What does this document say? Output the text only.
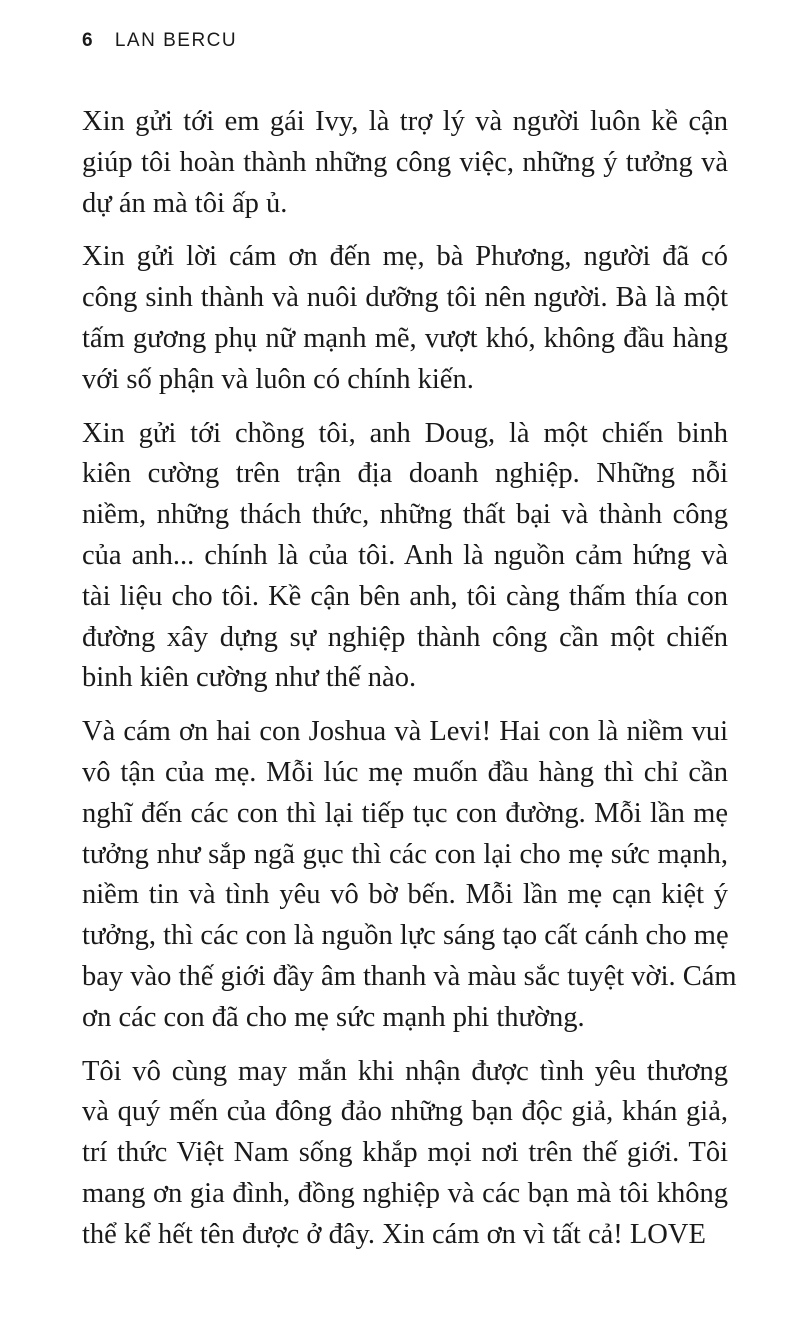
6 LAN BERCU

Xin gửi tới em gái Ivy, là trợ lý và người luôn kề cận
giúp tôi hoàn thành những công việc, những ý tưởng và
dự án mà tôi ấp ủ.

Xin gửi lời cám ơn đến mẹ, bà Phương, người đã có
công sinh thành và nuôi dưỡng tôi nên người. Bà là một
tấm gương phụ nữ mạnh mẽ, vượt khó, không đầu hàng
với số phận và luôn có chính kiến.

Xin gửi tới chồng tôi, anh Doug, là một chiến binh
kiên cường trên trận địa doanh nghiệp. Những nỗi
niềm, những thách thức, những thất bại và thành công
của anh... chính là của tôi. Anh là nguồn cảm hứng và
tài liệu cho tôi. Kề cận bên anh, tôi càng thấm thía con
đường xây dựng sự nghiệp thành công cần một chiến
binh kiên cường như thế nào.

Và cám ơn hai con Joshua và Levi! Hai con là niềm vui
vô tận của mẹ. Mỗi lúc mẹ muốn đầu hàng thì chỉ cần
nghĩ đến các con thì lại tiếp tục con đường. Mỗi lần mẹ
tưởng như sắp ngã gục thì các con lại cho mẹ sức mạnh,
niềm tin và tình yêu vô bờ bến. Mỗi lần mẹ cạn kiệt ý
tưởng, thì các con là nguồn lực sáng tạo cất cánh cho mẹ
bay vào thế giới đầy âm thanh và màu sắc tuyệt vời. Cám
ơn các con đã cho mẹ sức mạnh phi thường.

Tôi vô cùng may mắn khi nhận được tình yêu thương
và quý mến của đông đảo những bạn độc giả, khán giả,
trí thức Việt Nam sống khắp mọi nơi trên thế giới. Tôi
mang ơn gia đình, đồng nghiệp và các bạn mà tôi không
thể kể hết tên được ở đây. Xin cám ơn vì tất cả! LOVE
